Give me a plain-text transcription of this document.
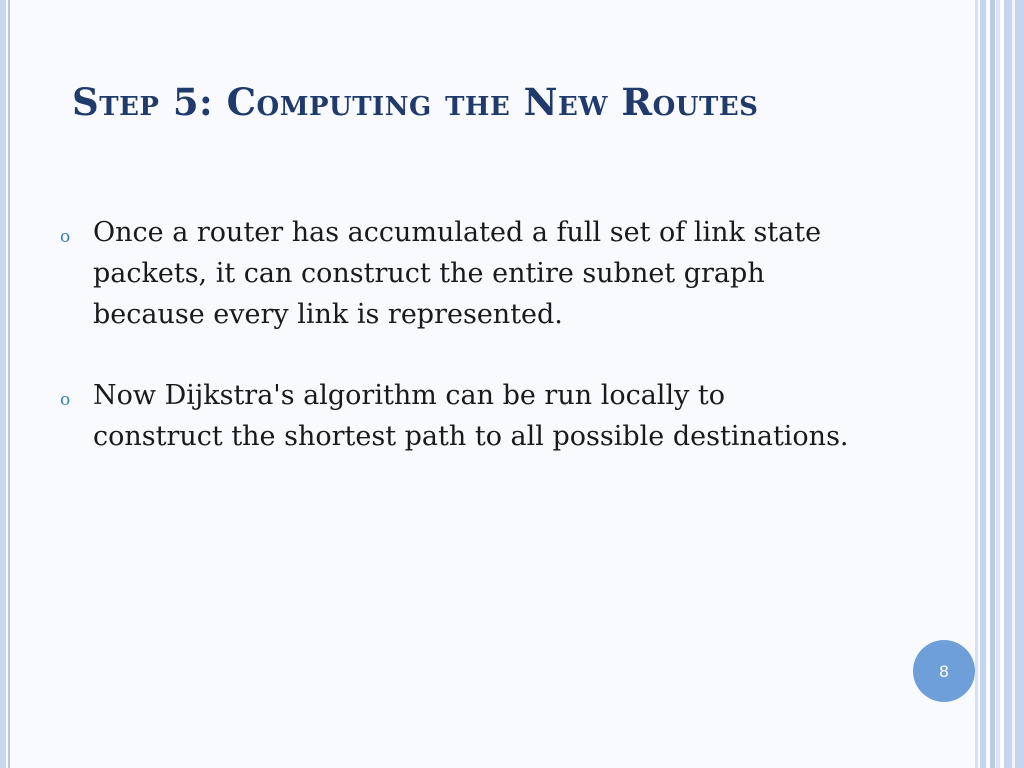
Step 5: Computing the New Routes
o Once a router has accumulated a full set of link state packets, it can construct the entire subnet graph because every link is represented.
o Now Dijkstra's algorithm can be run locally to construct the shortest path to all possible destinations.
8
